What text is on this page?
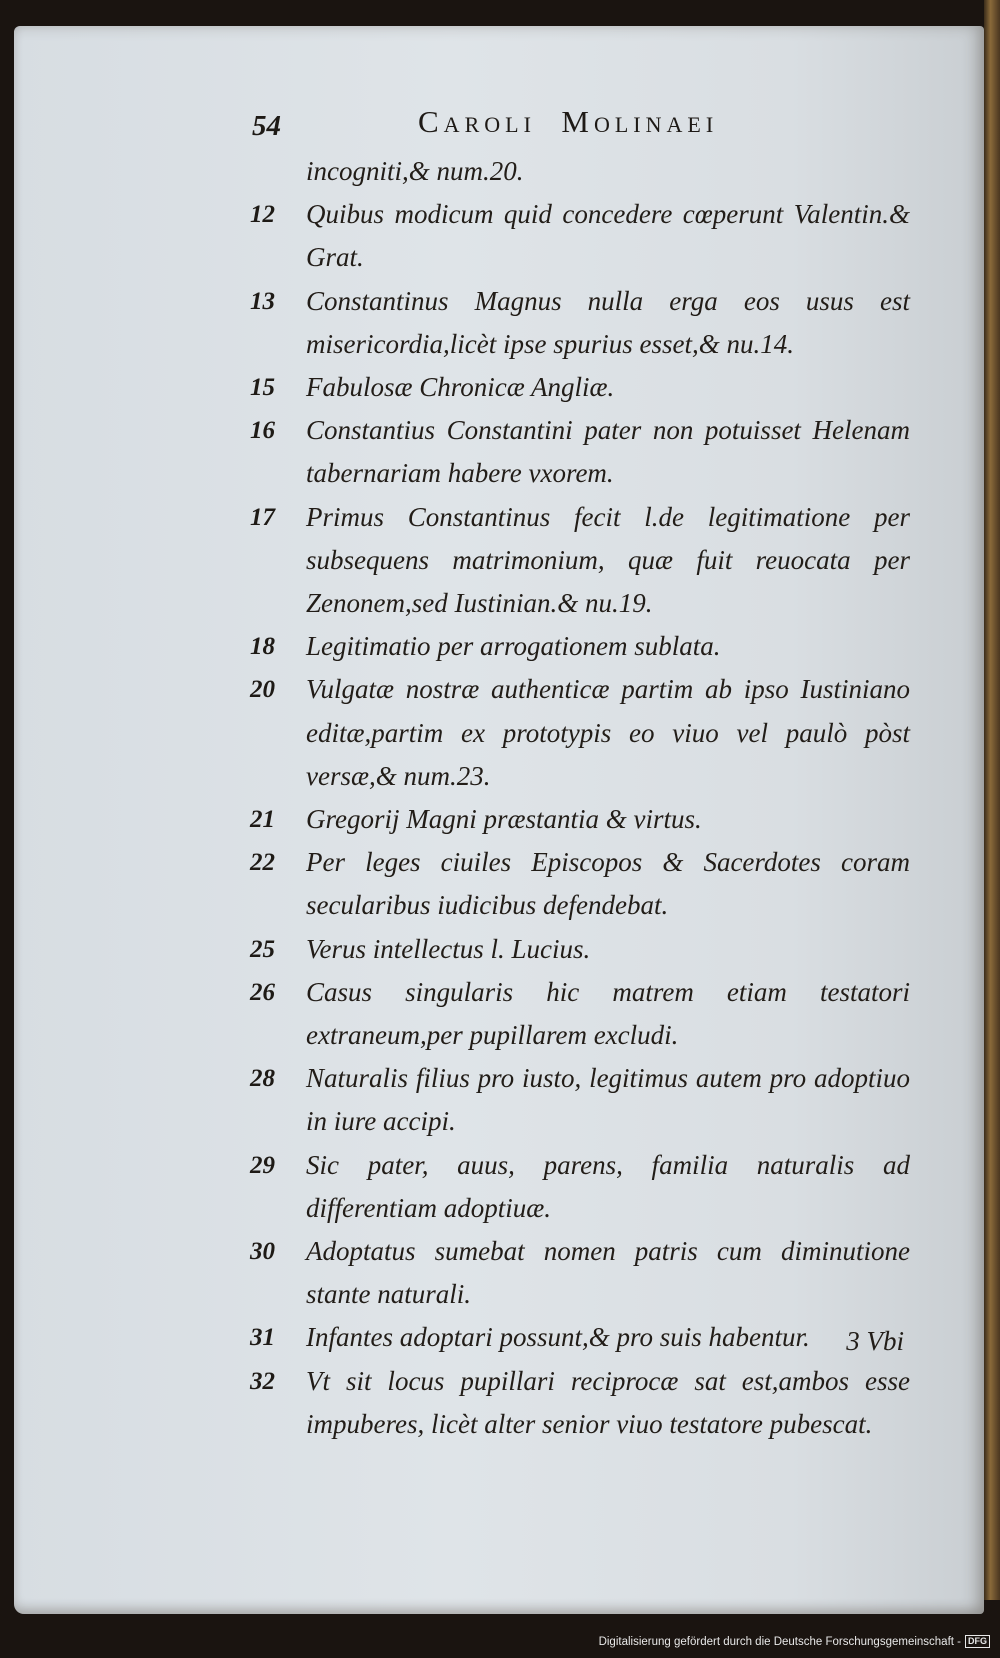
54	Caroli  Molinaei
incogniti,& num.20.
12	Quibus modicum quid concedere cœperunt Valentin.& Grat.
13	Constantinus Magnus nulla erga eos usus est misericordia,licèt ipse spurius esset,& nu.14.
15	Fabulosæ Chronicæ Angliæ.
16	Constantius Constantini pater non potuisset Helenam tabernariam habere vxorem.
17	Primus Constantinus fecit l.de legitimatione per subsequens matrimonium, quæ fuit reuocata per Zenonem,sed Iustinian.& nu.19.
18	Legitimatio per arrogationem sublata.
20	Vulgatæ nostræ authenticæ partim ab ipso Iustiniano editæ,partim ex prototypis eo viuo vel paulò pòst versæ,& num.23.
21	Gregorij Magni præstantia & virtus.
22	Per leges ciuiles Episcopos & Sacerdotes coram secularibus iudicibus defendebat.
25	Verus intellectus l. Lucius.
26	Casus singularis hic matrem etiam testatori extraneum,per pupillarem excludi.
28	Naturalis filius pro iusto, legitimus autem pro adoptiuo in iure accipi.
29	Sic pater, auus, parens, familia naturalis ad differentiam adoptiuæ.
30	Adoptatus sumebat nomen patris cum diminutione stante naturali.
31	Infantes adoptari possunt,& pro suis habentur.
32	Vt sit locus pupillari reciprocæ sat est,ambos esse impuberes, licèt alter senior viuo testatore pubescat.
3 Vbi
Digitalisierung gefördert durch die Deutsche Forschungsgemeinschaft - DFG
